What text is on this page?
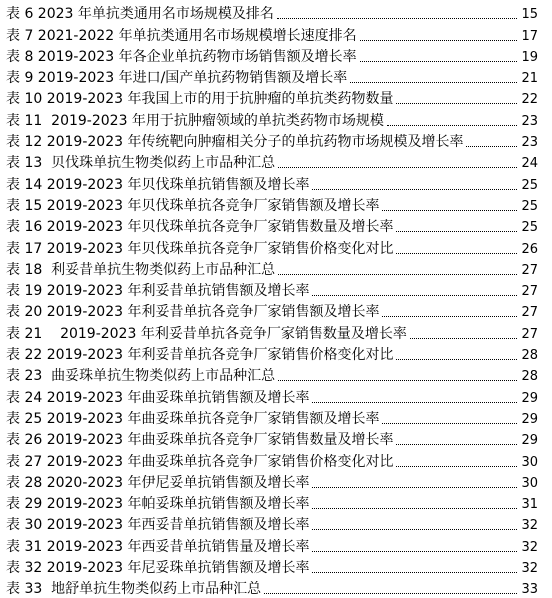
表 6 2023 年单抗类通用名市场规模及排名	15
表 7 2021-2022 年单抗类通用名市场规模增长速度排名	17
表 8 2019-2023 年各企业单抗药物市场销售额及增长率	19
表 9 2019-2023 年进口/国产单抗药物销售额及增长率	21
表 10 2019-2023 年我国上市的用于抗肿瘤的单抗类药物数量	22
表 11  2019-2023 年用于抗肿瘤领域的单抗类药物市场规模	23
表 12 2019-2023 年传统靶向肿瘤相关分子的单抗药物市场规模及增长率	23
表 13  贝伐珠单抗生物类似药上市品种汇总	24
表 14 2019-2023 年贝伐珠单抗销售额及增长率	25
表 15 2019-2023 年贝伐珠单抗各竞争厂家销售额及增长率	25
表 16 2019-2023 年贝伐珠单抗各竞争厂家销售数量及增长率	25
表 17 2019-2023 年贝伐珠单抗各竞争厂家销售价格变化对比	26
表 18  利妥昔单抗生物类似药上市品种汇总	27
表 19 2019-2023 年利妥昔单抗销售额及增长率	27
表 20 2019-2023 年利妥昔单抗各竞争厂家销售额及增长率	27
表 21    2019-2023 年利妥昔单抗各竞争厂家销售数量及增长率	27
表 22 2019-2023 年利妥昔单抗各竞争厂家销售价格变化对比	28
表 23  曲妥珠单抗生物类似药上市品种汇总	28
表 24 2019-2023 年曲妥珠单抗销售额及增长率	29
表 25 2019-2023 年曲妥珠单抗各竞争厂家销售额及增长率	29
表 26 2019-2023 年曲妥珠单抗各竞争厂家销售数量及增长率	29
表 27 2019-2023 年曲妥珠单抗各竞争厂家销售价格变化对比	30
表 28 2020-2023 年伊尼妥单抗销售额及增长率	30
表 29 2019-2023 年帕妥珠单抗销售额及增长率	31
表 30 2019-2023 年西妥昔单抗销售额及增长率	32
表 31 2019-2023 年西妥昔单抗销售量及增长率	32
表 32 2019-2023 年尼妥珠单抗销售额及增长率	32
表 33  地舒单抗生物类似药上市品种汇总	33
